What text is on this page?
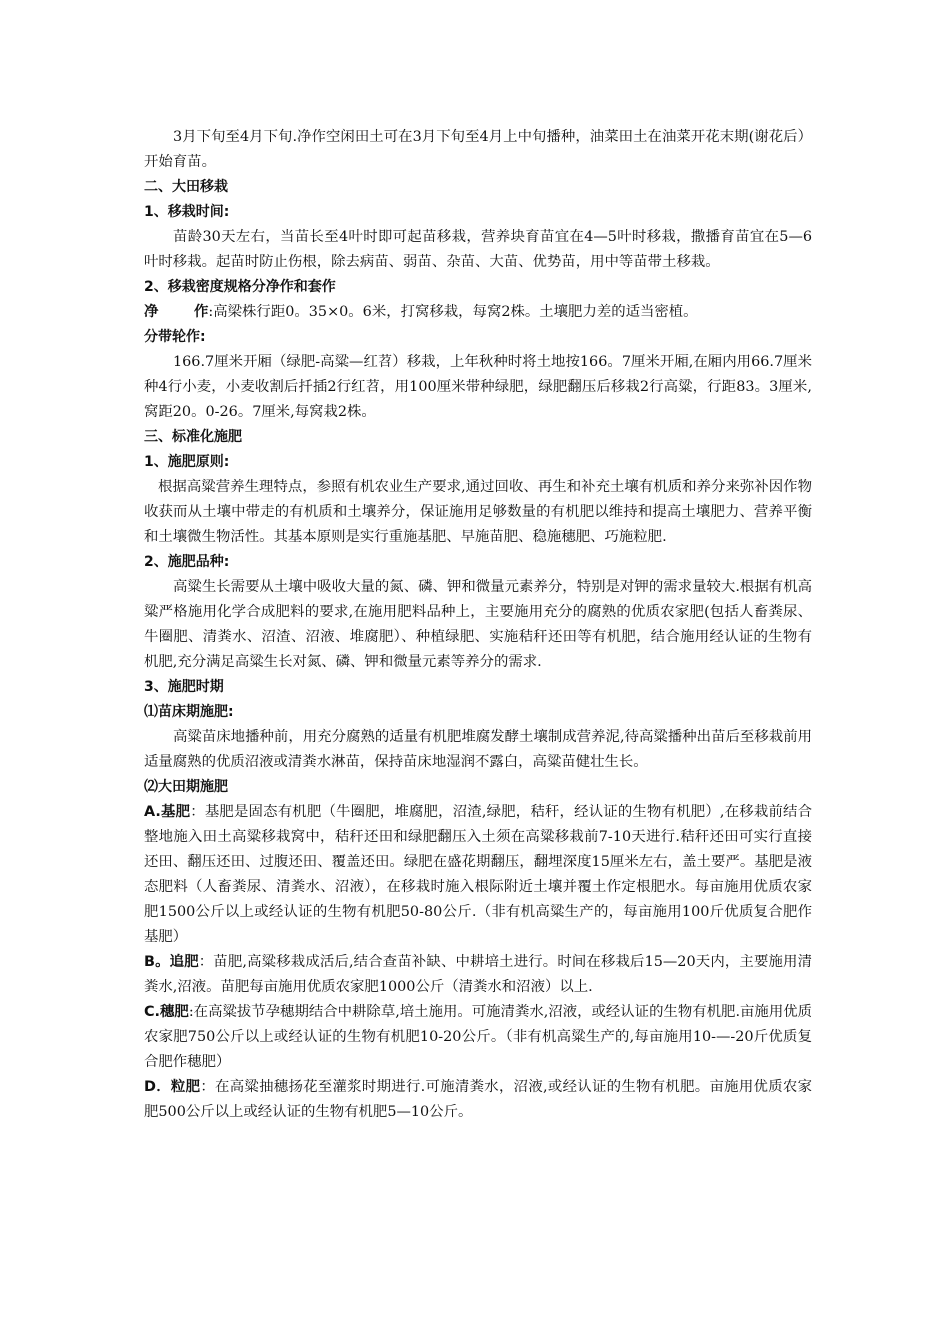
3月下旬至4月下旬.净作空闲田土可在3月下旬至4月上中旬播种，油菜田土在油菜开花末期(谢花后）开始育苗。

二、大田移栽

1、移栽时间:

苗龄30天左右，当苗长至4叶时即可起苗移栽，营养块育苗宜在4—5叶时移栽，撒播育苗宜在5—6叶时移栽。起苗时防止伤根，除去病苗、弱苗、杂苗、大苗、优势苗，用中等苗带土移栽。

2、移栽密度规格分净作和套作

净 作:高梁株行距0。35×0。6米，打窝移栽，每窝2株。土壤肥力差的适当密植。

分带轮作:

166.7厘米开厢（绿肥-高粱—红苕）移栽，上年秋种时将土地按166。7厘米开厢,在厢内用66.7厘米种4行小麦，小麦收割后扦插2行红苕，用100厘米带种绿肥，绿肥翻压后移栽2行高粱，行距83。3厘米,窝距20。0-26。7厘米,每窝栽2株。

三、标准化施肥

1、施肥原则:

根据高粱营养生理特点，参照有机农业生产要求,通过回收、再生和补充土壤有机质和养分来弥补因作物收获而从土壤中带走的有机质和土壤养分，保证施用足够数量的有机肥以维持和提高土壤肥力、营养平衡和土壤微生物活性。其基本原则是实行重施基肥、早施苗肥、稳施穗肥、巧施粒肥.

2、施肥品种:

高粱生长需要从土壤中吸收大量的氮、磷、钾和微量元素养分，特别是对钾的需求量较大.根据有机高粱严格施用化学合成肥料的要求,在施用肥料品种上，主要施用充分的腐熟的优质农家肥(包括人畜粪尿、牛圈肥、清粪水、沼渣、沼液、堆腐肥）、种植绿肥、实施秸秆还田等有机肥，结合施用经认证的生物有机肥,充分满足高粱生长对氮、磷、钾和微量元素等养分的需求.

3、施肥时期

⑴苗床期施肥:

高粱苗床地播种前，用充分腐熟的适量有机肥堆腐发酵土壤制成营养泥,待高粱播种出苗后至移栽前用适量腐熟的优质沼液或清粪水淋苗，保持苗床地湿润不露白，高粱苗健壮生长。

⑵大田期施肥

A.基肥：基肥是固态有机肥（牛圈肥，堆腐肥，沼渣,绿肥，秸秆，经认证的生物有机肥）,在移栽前结合整地施入田土高粱移栽窝中，秸秆还田和绿肥翻压入土须在高粱移栽前7-10天进行.秸秆还田可实行直接还田、翻压还田、过腹还田、覆盖还田。绿肥在盛花期翻压，翻埋深度15厘米左右，盖土要严。基肥是液态肥料（人畜粪尿、清粪水、沼液），在移栽时施入根际附近土壤并覆土作定根肥水。每亩施用优质农家肥1500公斤以上或经认证的生物有机肥50-80公斤.（非有机高粱生产的，每亩施用100斤优质复合肥作基肥）

B。追肥：苗肥,高粱移栽成活后,结合查苗补缺、中耕培土进行。时间在移栽后15—20天内，主要施用清粪水,沼液。苗肥每亩施用优质农家肥1000公斤（清粪水和沼液）以上.

C.穗肥:在高粱拔节孕穗期结合中耕除草,培土施用。可施清粪水,沼液，或经认证的生物有机肥.亩施用优质农家肥750公斤以上或经认证的生物有机肥10-20公斤。（非有机高粱生产的,每亩施用10-—-20斤优质复合肥作穗肥）

D．粒肥：在高粱抽穗扬花至灌浆时期进行.可施清粪水，沼液,或经认证的生物有机肥。亩施用优质农家肥500公斤以上或经认证的生物有机肥5—10公斤。
